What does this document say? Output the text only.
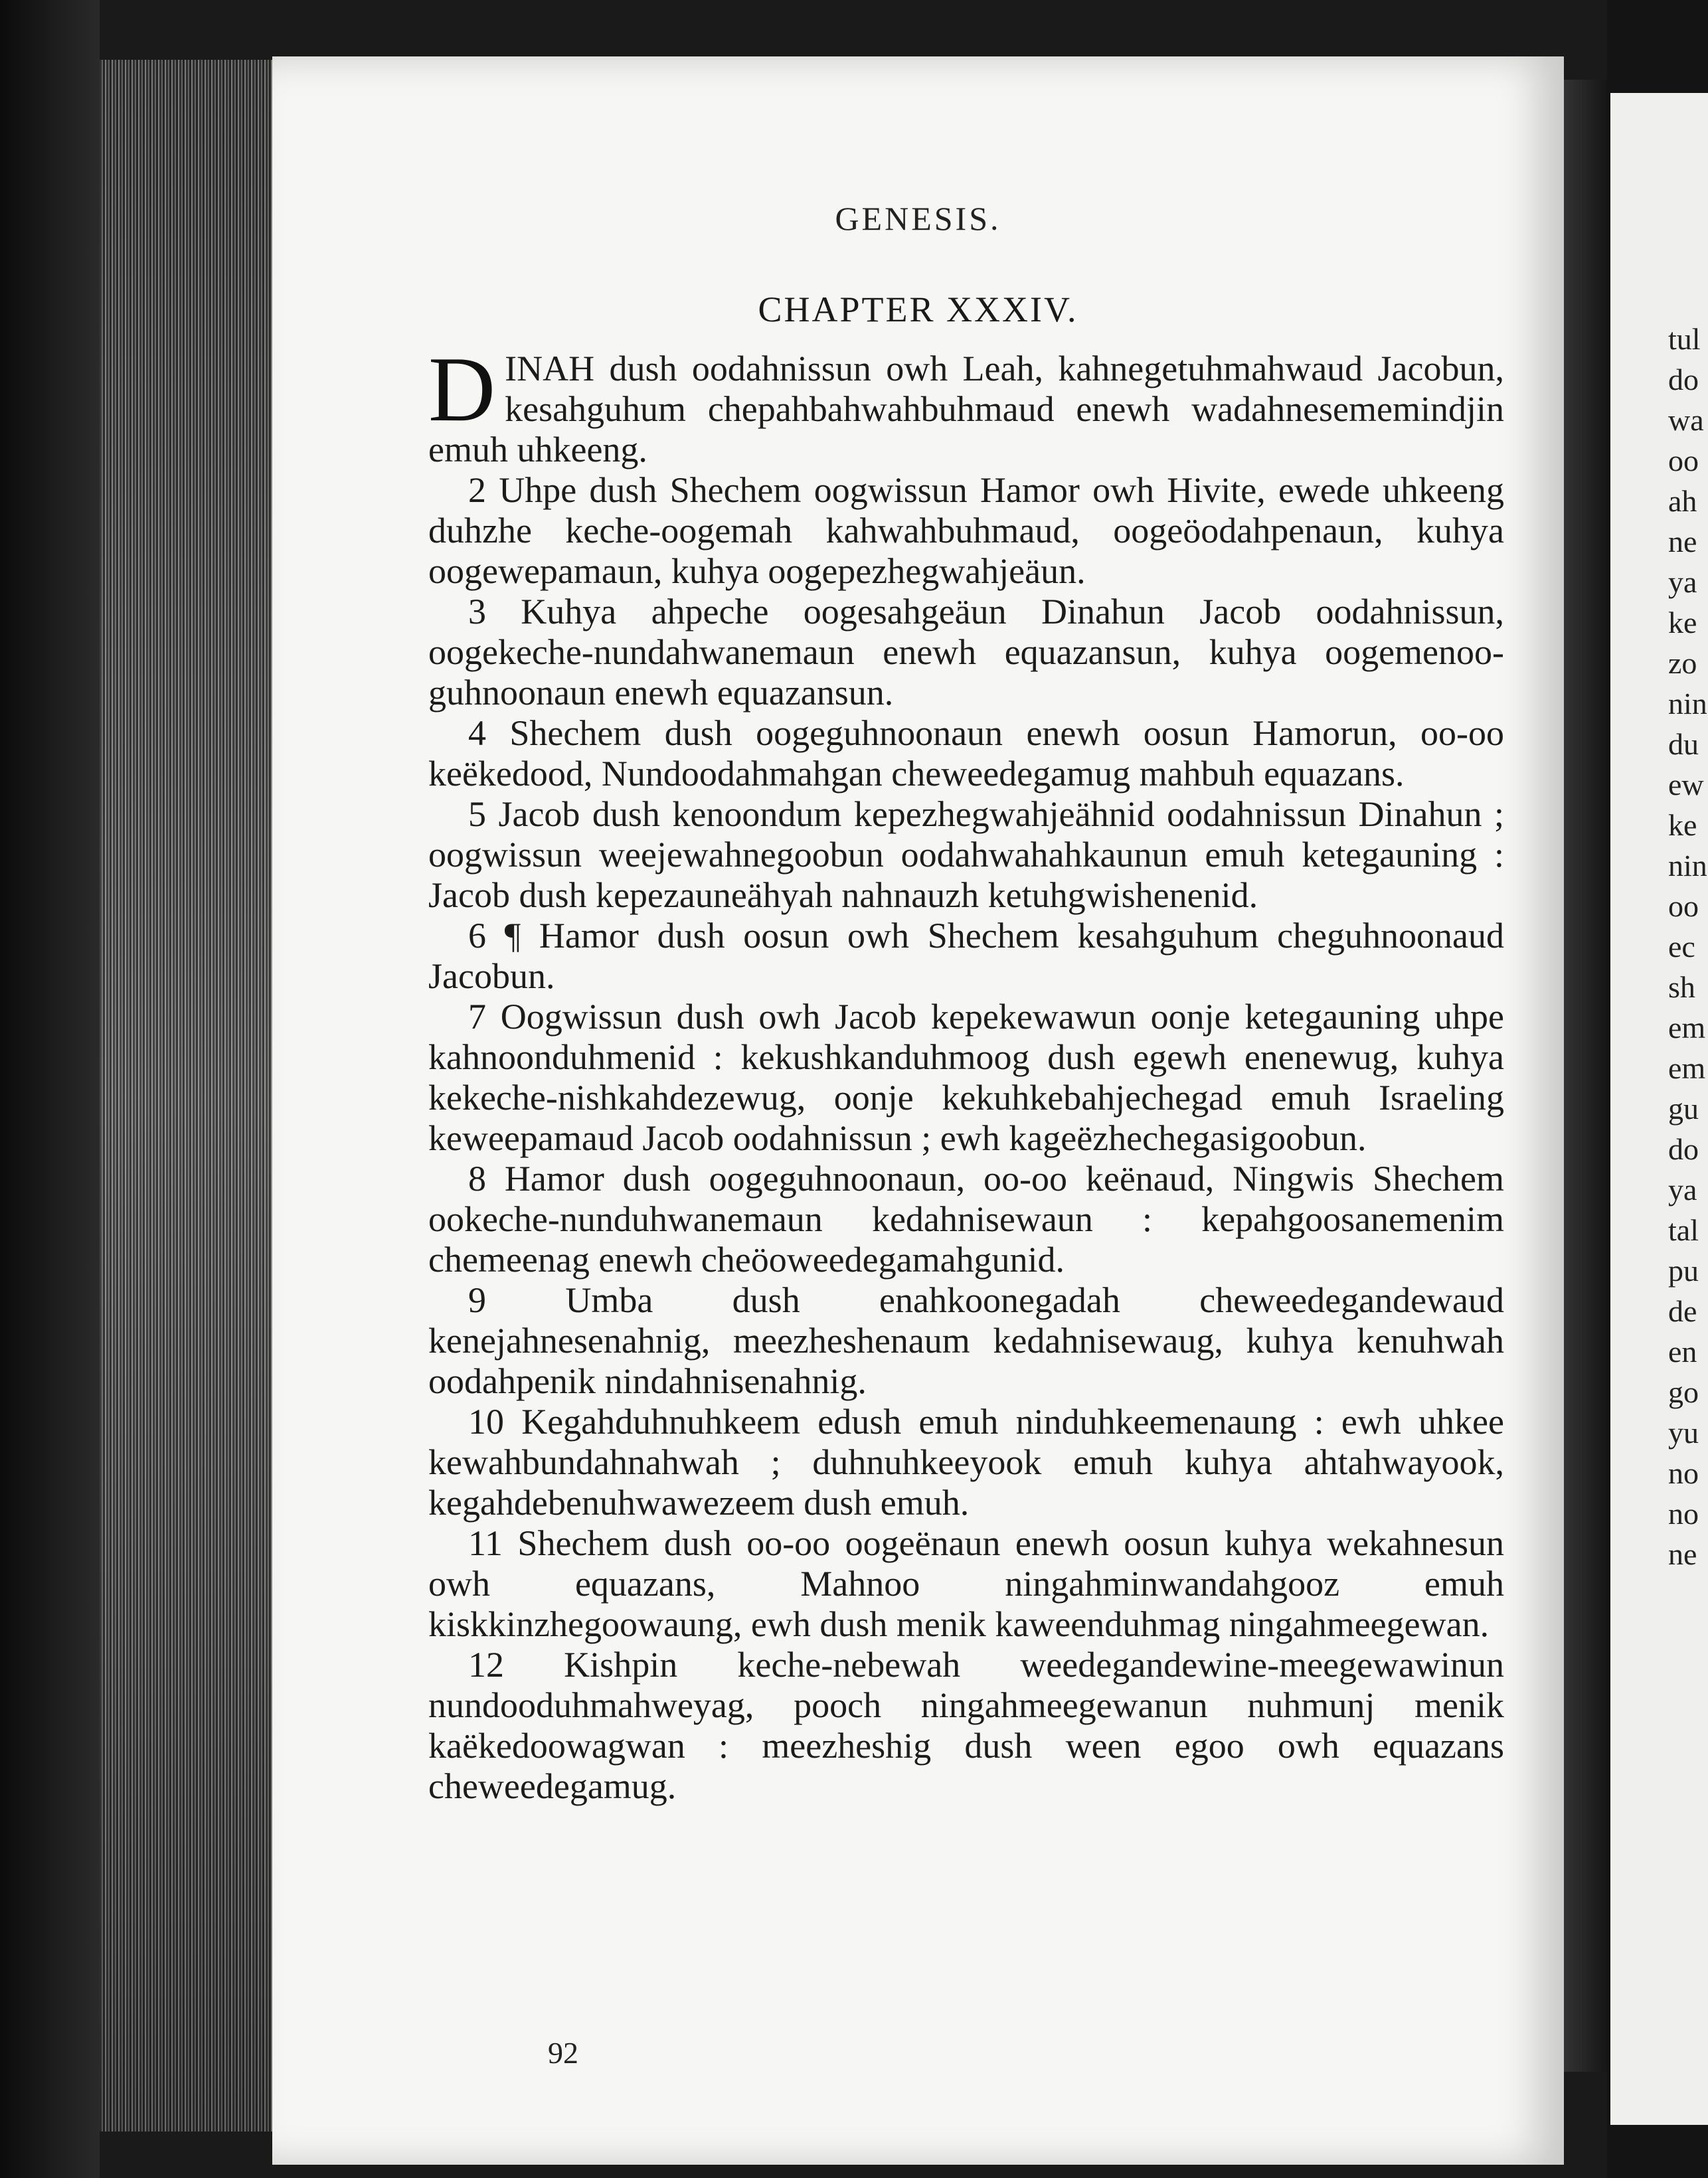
GENESIS.
CHAPTER XXXIV.

DINAH dush oodahnissun owh Leah, kahnegetuhmahwaud Jacobun, kesahguhum chepahbahwahbuhmaud enewh wadahnesememindjin emuh uhkeeng.

2 Uhpe dush Shechem oogwissun Hamor owh Hivite, ewede uhkeeng duhzhe keche-oogemah kahwahbuhmaud, oogeöodahpenaun, kuhya oogewepamaun, kuhya oogepezhegwahjeäun.

3 Kuhya ahpeche oogesahgeäun Dinahun Jacob oodahnissun, oogekeche-nundahwanemaun enewh equazansun, kuhya oogemenoo-guhnoonaun enewh equazansun.

4 Shechem dush oogeguhnoonaun enewh oosun Hamorun, oo-oo keëkedood, Nundoodahmahgan cheweedegamug mahbuh equazans.

5 Jacob dush kenoondum kepezhegwahjeähnid oodahnissun Dinahun ; oogwissun weejewahnegoobun oodahwahahkaunun emuh ketegauning : Jacob dush kepezauneähyah nahnauzh ketuhgwishenenid.

6 ¶ Hamor dush oosun owh Shechem kesahguhum cheguhnoonaud Jacobun.

7 Oogwissun dush owh Jacob kepekewawun oonje ketegauning uhpe kahnoonduhmenid : kekushkanduhmoog dush egewh enenewug, kuhya kekeche-nishkahdezewug, oonje kekuhkebahjechegad emuh Israeling keweepamaud Jacob oodahnissun ; ewh kageëzhechegasigoobun.

8 Hamor dush oogeguhnoonaun, oo-oo keënaud, Ningwis Shechem ookeche-nunduhwanemaun kedahnisewaun : kepahgoosanemenim chemeenag enewh cheöoweedegamahgunid.

9 Umba dush enahkoonegadah cheweedegandewaud kenejahnesenahnig, meezheshenaum kedahnisewaug, kuhya kenuhwah oodahpenik nindahnisenahnig.

10 Kegahduhnuhkeem edush emuh ninduhkeemenaung : ewh uhkee kewahbundahnahwah ; duhnuhkeeyook emuh kuhya ahtahwayook, kegahdebenuhwawezeem dush emuh.

11 Shechem dush oo-oo oogeënaun enewh oosun kuhya wekahnesun owh equazans, Mahnoo ningahminwandahgooz emuh kiskkinzhegoowaung, ewh dush menik kaweenduhmag ningahmeegewan.

12 Kishpin keche-nebewah weedegandewine-meegewawinun nundooduhmahweyag, pooch ningahmeegewanun nuhmunj menik kaëkedoowagwan : meezheshig dush ween egoo owh equazans cheweedegamug.

92
tul
do
wa
oo
ah
ne
ya
ke
zo
nin
du
ew
ke
nin
oo
ec
sh
em
em
gu
do
ya
tal
pu
de
en
go
yu
no
no
ne
